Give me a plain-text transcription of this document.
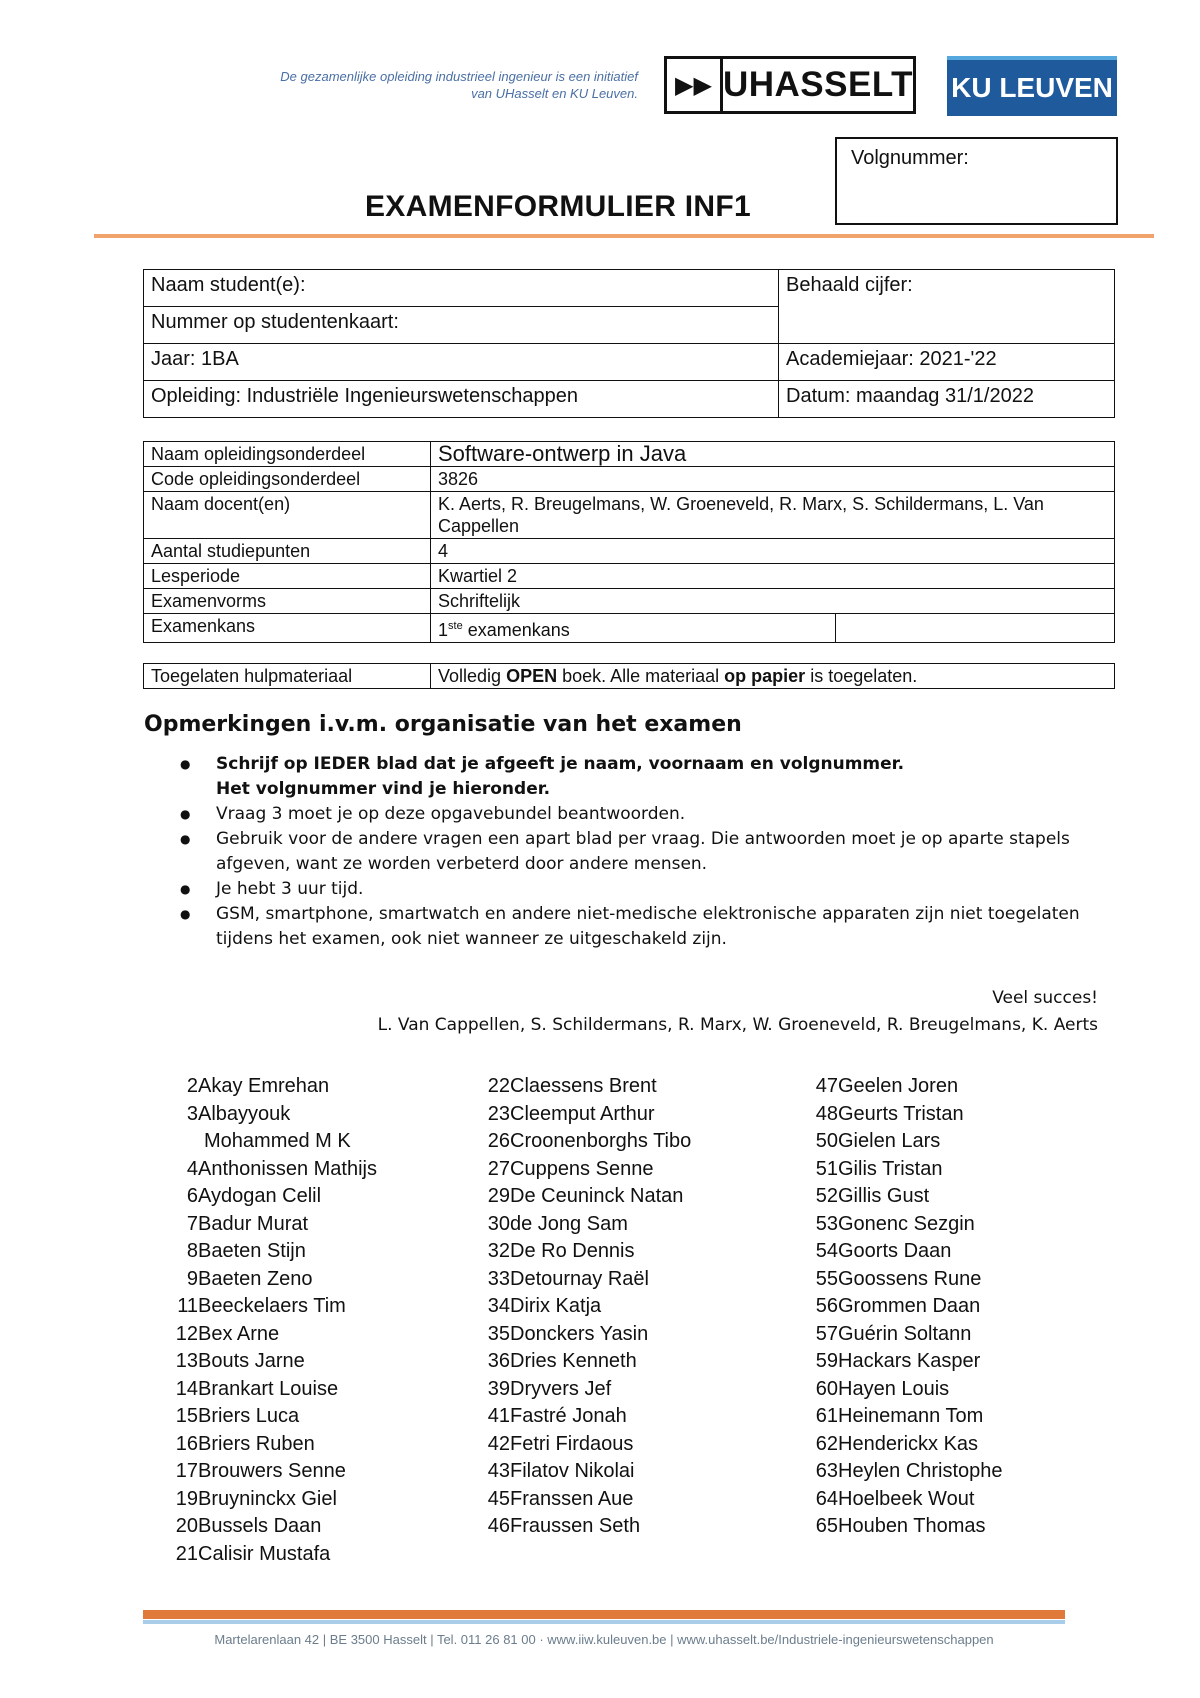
De gezamenlijke opleiding industrieel ingenieur is een initiatief van UHasselt en KU Leuven.	▶▶ UHASSELT KU LEUVEN
Volgnummer:
EXAMENFORMULIER INF1
Naam student(e):	Behaald cijfer:
Nummer op studentenkaart:	
Jaar: 1BA	Academiejaar: 2021-'22
Opleiding: Industriële Ingenieurswetenschappen	Datum: maandag 31/1/2022
Naam opleidingsonderdeel	Software-ontwerp in Java	
Code opleidingsonderdeel	3826	
Naam docent(en)	K. Aerts, R. Breugelmans, W. Groeneveld, R. Marx, S. Schildermans, L. Van Cappellen	
Aantal studiepunten	4	
Lesperiode	Kwartiel 2	
Examenvorms	Schriftelijk	
Examenkans	1ste examenkans	
Toegelaten hulpmateriaal	Volledig OPEN boek. Alle materiaal op papier is toegelaten.
Opmerkingen i.v.m. organisatie van het examen
● Schrijf op IEDER blad dat je afgeeft je naam, voornaam en volgnummer.
Het volgnummer vind je hieronder.
● Vraag 3 moet je op deze opgavebundel beantwoorden.
● Gebruik voor de andere vragen een apart blad per vraag. Die antwoorden moet je op aparte stapels afgeven, want ze worden verbeterd door andere mensen.
● Je hebt 3 uur tijd.
● GSM, smartphone, smartwatch en andere niet-medische elektronische apparaten zijn niet toegelaten tijdens het examen, ook niet wanneer ze uitgeschakeld zijn.
Veel succes!
L. Van Cappellen, S. Schildermans, R. Marx, W. Groeneveld, R. Breugelmans, K. Aerts
2 Akay Emrehan
3 Albayyouk
Mohammed M K
4 Anthonissen Mathijs
6 Aydogan Celil
7 Badur Murat
8 Baeten Stijn
9 Baeten Zeno
11 Beeckelaers Tim
12 Bex Arne
13 Bouts Jarne
14 Brankart Louise
15 Briers Luca
16 Briers Ruben
17 Brouwers Senne
19 Bruyninckx Giel
20 Bussels Daan
21 Calisir Mustafa
22 Claessens Brent
23 Cleemput Arthur
26 Croonenborghs Tibo
27 Cuppens Senne
29 De Ceuninck Natan
30 de Jong Sam
32 De Ro Dennis
33 Detournay Raël
34 Dirix Katja
35 Donckers Yasin
36 Dries Kenneth
39 Dryvers Jef
41 Fastré Jonah
42 Fetri Firdaous
43 Filatov Nikolai
45 Franssen Aue
46 Fraussen Seth
47 Geelen Joren
48 Geurts Tristan
50 Gielen Lars
51 Gilis Tristan
52 Gillis Gust
53 Gonenc Sezgin
54 Goorts Daan
55 Goossens Rune
56 Grommen Daan
57 Guérin Soltann
59 Hackars Kasper
60 Hayen Louis
61 Heinemann Tom
62 Henderickx Kas
63 Heylen Christophe
64 Hoelbeek Wout
65 Houben Thomas
Martelarenlaan 42 | BE 3500 Hasselt | Tel. 011 26 81 00 · www.iiw.kuleuven.be | www.uhasselt.be/Industriele-ingenieurswetenschappen
